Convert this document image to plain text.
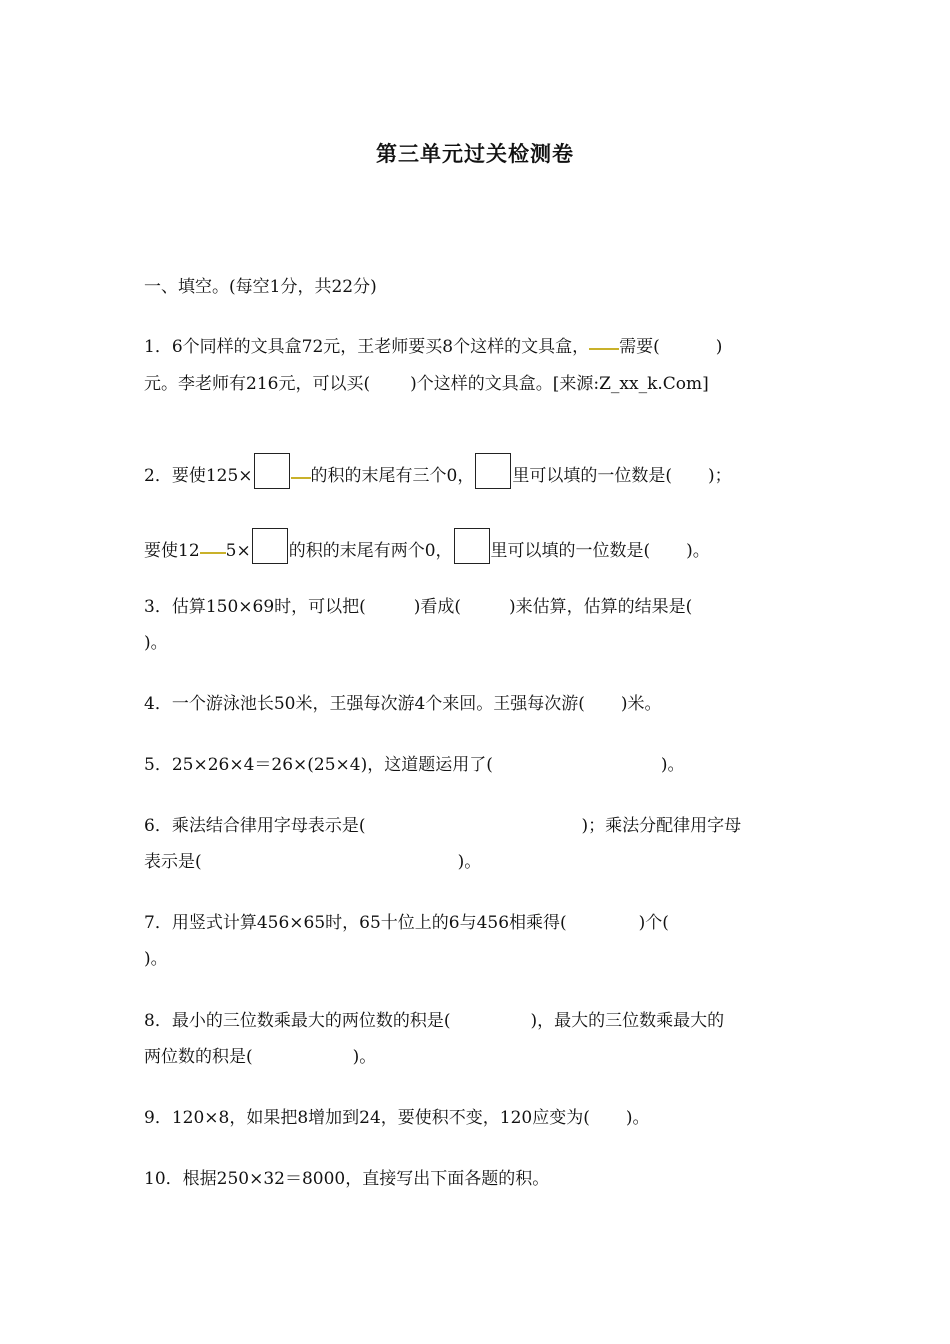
第三单元过关检测卷
一、填空。(每空1分，共22分)
1．6个同样的文具盒72元，王老师要买8个这样的文具盒， 需要(	)
元。李老师有216元，可以买( )个这样的文具盒。[来源:Z_xx_k.Com]
2．要使125×	的积的末尾有三个0， 里可以填的一位数是( )；
要使12 5× 的积的末尾有两个0， 里可以填的一位数是( )。
3．估算150×69时，可以把(	)看成(	)来估算，估算的结果是(
)。
4．一个游泳池长50米，王强每次游4个来回。王强每次游( )米。
5．25×26×4＝26×(25×4)，这道题运用了(	)。
6．乘法结合律用字母表示是(	)；乘法分配律用字母
表示是(	)。
7．用竖式计算456×65时，65十位上的6与456相乘得(	)个(
)。
8．最小的三位数乘最大的两位数的积是(	)，最大的三位数乘最大的
两位数的积是(	)。
9．120×8，如果把8增加到24，要使积不变，120应变为( )。
10．根据250×32＝8000，直接写出下面各题的积。
